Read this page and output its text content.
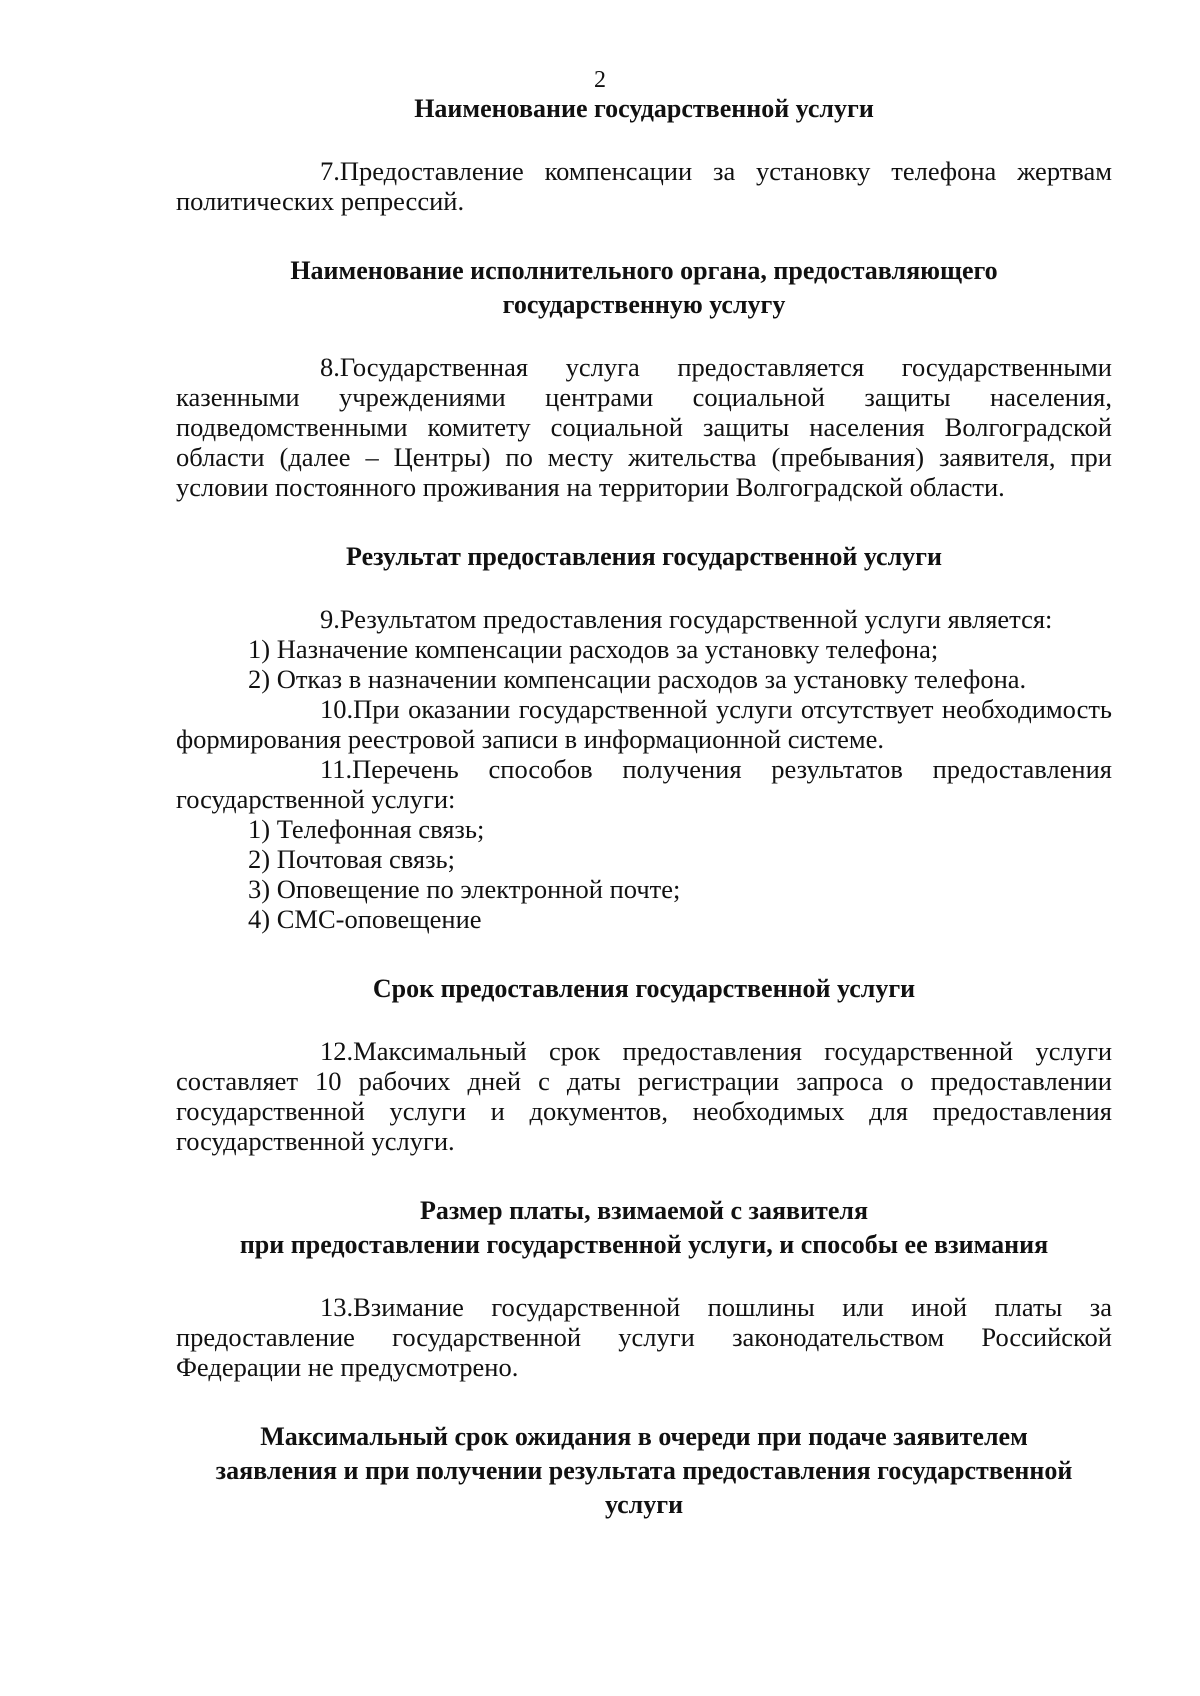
2
Наименование государственной услуги

7.Предоставление компенсации за установку телефона жертвам политических репрессий.

Наименование исполнительного органа, предоставляющего
государственную услугу

8.Государственная услуга предоставляется государственными казенными учреждениями центрами социальной защиты населения, подведомственными комитету социальной защиты населения Волгоградской области (далее – Центры) по месту жительства (пребывания) заявителя, при условии постоянного проживания на территории Волгоградской области.

Результат предоставления государственной услуги

9.Результатом предоставления государственной услуги является:

1) Назначение компенсации расходов за установку телефона;

2) Отказ в назначении компенсации расходов за установку телефона.

10.При оказании государственной услуги отсутствует необходимость формирования реестровой записи в информационной системе.

11.Перечень способов получения результатов предоставления государственной услуги:

1) Телефонная связь;

2) Почтовая связь;

3) Оповещение по электронной почте;

4) СМС-оповещение

Срок предоставления государственной услуги

12.Максимальный срок предоставления государственной услуги составляет 10 рабочих дней с даты регистрации запроса о предоставлении государственной услуги и документов, необходимых для предоставления государственной услуги.

Размер платы, взимаемой с заявителя
при предоставлении государственной услуги, и способы ее взимания

13.Взимание государственной пошлины или иной платы за предоставление государственной услуги законодательством Российской Федерации не предусмотрено.

Максимальный срок ожидания в очереди при подаче заявителем
заявления и при получении результата предоставления государственной
услуги
